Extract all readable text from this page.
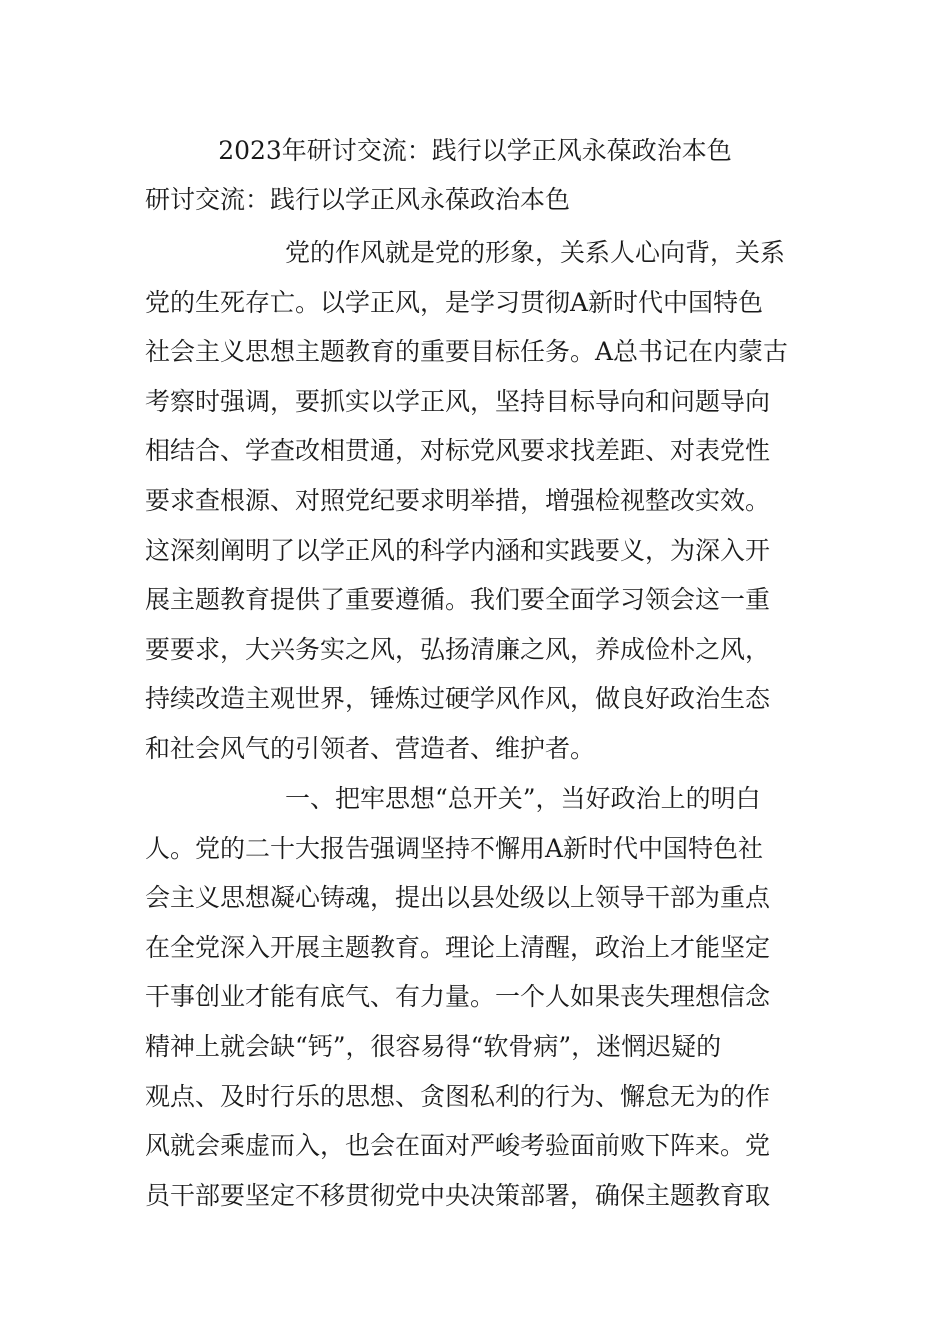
2023年研讨交流：践行以学正风永葆政治本色
研讨交流：践行以学正风永葆政治本色
党的作风就是党的形象，关系人心向背，关系
党的生死存亡。以学正风，是学习贯彻A新时代中国特色
社会主义思想主题教育的重要目标任务。A总书记在内蒙古
考察时强调，要抓实以学正风，坚持目标导向和问题导向
相结合、学查改相贯通，对标党风要求找差距、对表党性
要求查根源、对照党纪要求明举措，增强检视整改实效。
这深刻阐明了以学正风的科学内涵和实践要义，为深入开
展主题教育提供了重要遵循。我们要全面学习领会这一重
要要求，大兴务实之风，弘扬清廉之风，养成俭朴之风，
持续改造主观世界，锤炼过硬学风作风，做良好政治生态
和社会风气的引领者、营造者、维护者。
一、把牢思想“总开关”，当好政治上的明白
人。党的二十大报告强调坚持不懈用A新时代中国特色社
会主义思想凝心铸魂，提出以县处级以上领导干部为重点
在全党深入开展主题教育。理论上清醒，政治上才能坚定
干事创业才能有底气、有力量。一个人如果丧失理想信念
精神上就会缺“钙”，很容易得“软骨病”，迷惘迟疑的
观点、及时行乐的思想、贪图私利的行为、懈怠无为的作
风就会乘虚而入，也会在面对严峻考验面前败下阵来。党
员干部要坚定不移贯彻党中央决策部署，确保主题教育取
